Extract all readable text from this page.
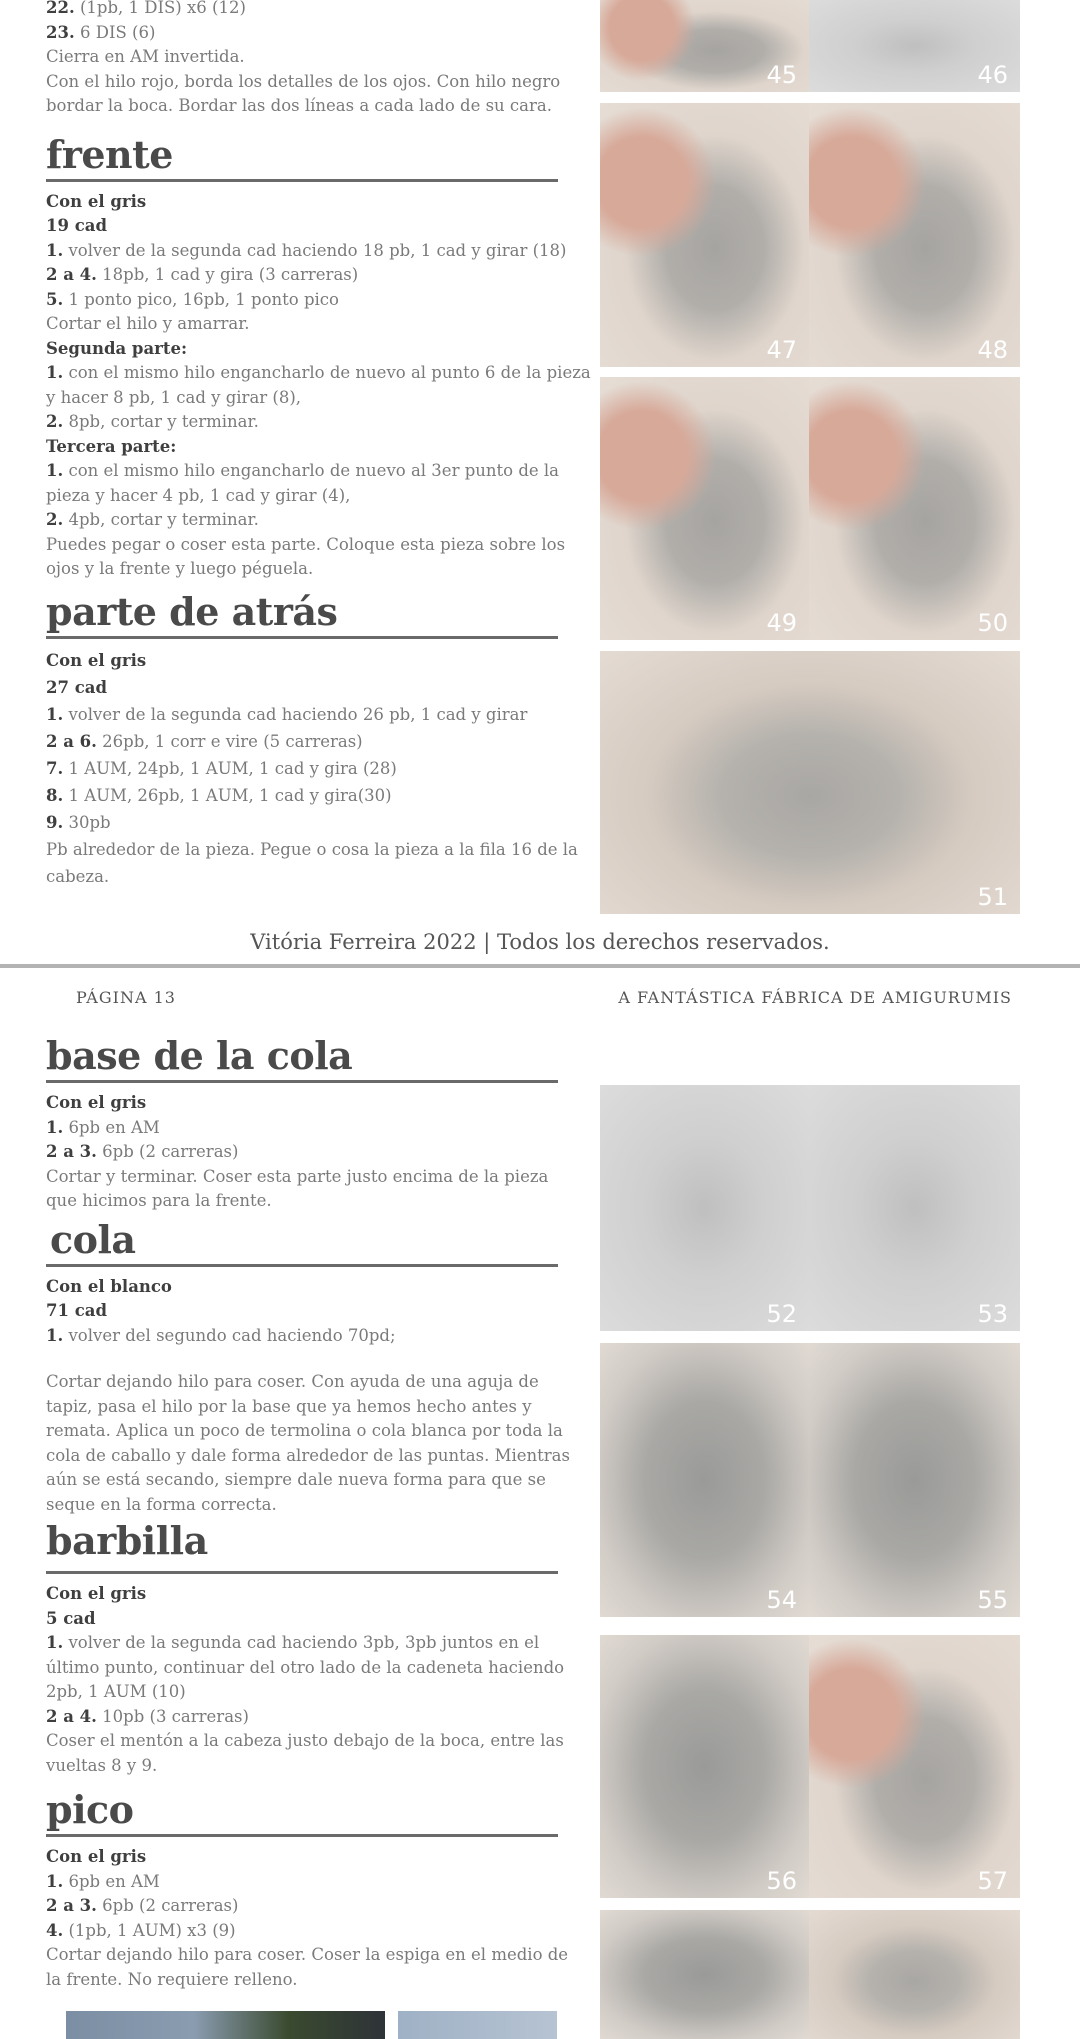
22. (1pb, 1 DIS) x6 (12)
23. 6 DIS (6)
Cierra en AM invertida.
Con el hilo rojo, borda los detalles de los ojos. Con hilo negro bordar la boca. Bordar las dos líneas a cada lado de su cara.
frente
Con el gris
19 cad
1. volver de la segunda cad haciendo 18 pb, 1 cad y girar (18)
2 a 4. 18pb, 1 cad y gira (3 carreras)
5. 1 ponto pico, 16pb, 1 ponto pico
Cortar el hilo y amarrar.
Segunda parte:
1. con el mismo hilo engancharlo de nuevo al punto 6 de la pieza y hacer 8 pb, 1 cad y girar (8),
2. 8pb, cortar y terminar.
Tercera parte:
1. con el mismo hilo engancharlo de nuevo al 3er punto de la pieza y hacer 4 pb, 1 cad y girar (4),
2. 4pb, cortar y terminar.
Puedes pegar o coser esta parte. Coloque esta pieza sobre los ojos y la frente y luego péguela.
parte de atrás
Con el gris
27 cad
1. volver de la segunda cad haciendo 26 pb, 1 cad y girar
2 a 6. 26pb, 1 corr e vire (5 carreras)
7. 1 AUM, 24pb, 1 AUM, 1 cad y gira (28)
8. 1 AUM, 26pb, 1 AUM, 1 cad y gira(30)
9. 30pb
Pb alrededor de la pieza. Pegue o cosa la pieza a la fila 16 de la cabeza.
45	46
47	48
49	50
51
Vitória Ferreira 2022 | Todos los derechos reservados.
PÁGINA 13	A FANTÁSTICA FÁBRICA DE AMIGURUMIS
base de la cola
Con el gris
1. 6pb en AM
2 a 3. 6pb (2 carreras)
Cortar y terminar. Coser esta parte justo encima de la pieza que hicimos para la frente.
cola
Con el blanco
71 cad
1. volver del segundo cad haciendo 70pd;
Cortar dejando hilo para coser. Con ayuda de una aguja de tapiz, pasa el hilo por la base que ya hemos hecho antes y remata. Aplica un poco de termolina o cola blanca por toda la cola de caballo y dale forma alrededor de las puntas. Mientras aún se está secando, siempre dale nueva forma para que se seque en la forma correcta.
barbilla
Con el gris
5 cad
1. volver de la segunda cad haciendo 3pb, 3pb juntos en el último punto, continuar del otro lado de la cadeneta haciendo 2pb, 1 AUM (10)
2 a 4. 10pb (3 carreras)
Coser el mentón a la cabeza justo debajo de la boca, entre las vueltas 8 y 9.
pico
Con el gris
1. 6pb en AM
2 a 3. 6pb (2 carreras)
4. (1pb, 1 AUM) x3 (9)
Cortar dejando hilo para coser. Coser la espiga en el medio de la frente. No requiere relleno.
52	53
54	55
56	57
